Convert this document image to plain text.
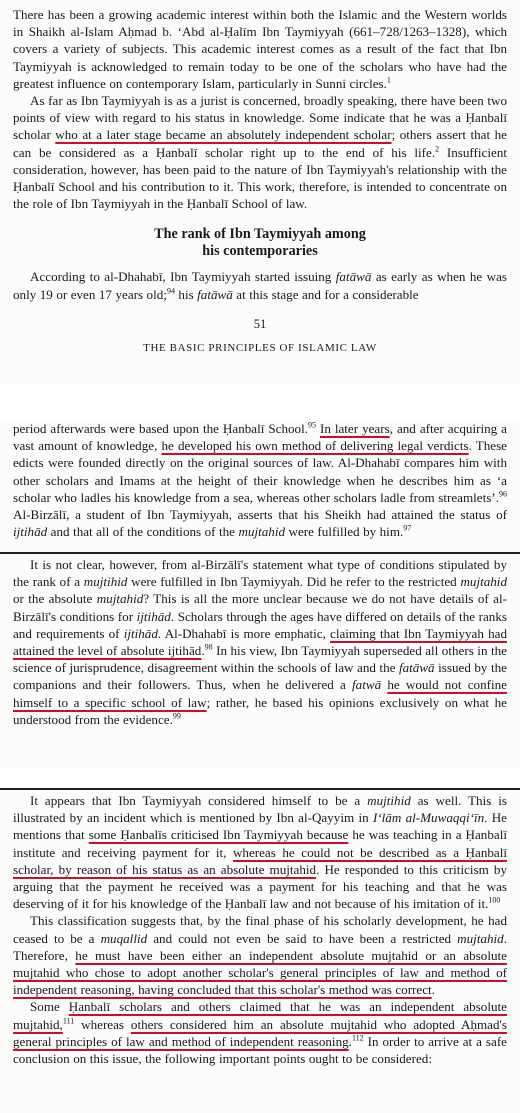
There has been a growing academic interest within both the Islamic and the Western worlds in Shaikh al-Islam Aḥmad b. ‘Abd al-Ḥalīm Ibn Taymiyyah (661–728/1263–1328), which covers a variety of subjects. This academic interest comes as a result of the fact that Ibn Taymiyyah is acknowledged to remain today to be one of the scholars who have had the greatest influence on contemporary Islam, particularly in Sunni circles.$^1$

As far as Ibn Taymiyyah is as a jurist is concerned, broadly speaking, there have been two points of view with regard to his status in knowledge. Some indicate that he was a Ḥanbalī scholar who at a later stage became an absolutely independent scholar; others assert that he can be considered as a Ḥanbalī scholar right up to the end of his life.$^2$ Insufficient consideration, however, has been paid to the nature of Ibn Taymiyyah's relationship with the Ḥanbalī School and his contribution to it. This work, therefore, is intended to concentrate on the role of Ibn Taymiyyah in the Ḥanbalī School of law.

The rank of Ibn Taymiyyah among
his contemporaries

According to al-Dhahabī, Ibn Taymiyyah started issuing fatāwā as early as when he was only 19 or even 17 years old;$^{94}$ his fatāwā at this stage and for a considerable

51
THE BASIC PRINCIPLES OF ISLAMIC LAW

period afterwards were based upon the Ḥanbalī School.$^{95}$ In later years, and after acquiring a vast amount of knowledge, he developed his own method of delivering legal verdicts. These edicts were founded directly on the original sources of law. Al-Dhahabī compares him with other scholars and Imams at the height of their knowledge when he describes him as ‘a scholar who ladles his knowledge from a sea, whereas other scholars ladle from streamlets’.$^{96}$ Al-Birzālī, a student of Ibn Taymiyyah, asserts that his Sheikh had attained the status of ijtihād and that all of the conditions of the mujtahid were fulfilled by him.$^{97}$

It is not clear, however, from al-Birzālī's statement what type of conditions stipulated by the rank of a mujtihid were fulfilled in Ibn Taymiyyah. Did he refer to the restricted mujtahid or the absolute mujtahid? This is all the more unclear because we do not have details of al-Birzālī's conditions for ijtihād. Scholars through the ages have differed on details of the ranks and requirements of ijtihād. Al-Dhahabī is more emphatic, claiming that Ibn Taymiyyah had attained the level of absolute ijtihād.$^{98}$ In his view, Ibn Taymiyyah superseded all others in the science of jurisprudence, disagreement within the schools of law and the fatāwā issued by the companions and their followers. Thus, when he delivered a fatwā he would not confine himself to a specific school of law; rather, he based his opinions exclusively on what he understood from the evidence.$^{99}$

It appears that Ibn Taymiyyah considered himself to be a mujtihid as well. This is illustrated by an incident which is mentioned by Ibn al-Qayyim in I‘lām al-Muwaqqi‘īn. He mentions that some Ḥanbalīs criticised Ibn Taymiyyah because he was teaching in a Ḥanbalī institute and receiving payment for it, whereas he could not be described as a Ḥanbalī scholar, by reason of his status as an absolute mujtahid. He responded to this criticism by arguing that the payment he received was a payment for his teaching and that he was deserving of it for his knowledge of the Ḥanbalī law and not because of his imitation of it.$^{100}$

This classification suggests that, by the final phase of his scholarly development, he had ceased to be a muqallid and could not even be said to have been a restricted mujtahid. Therefore, he must have been either an independent absolute mujtahid or an absolute mujtahid who chose to adopt another scholar's general principles of law and method of independent reasoning, having concluded that this scholar's method was correct.

Some Ḥanbalī scholars and others claimed that he was an independent absolute mujtahid,$^{111}$ whereas others considered him an absolute mujtahid who adopted Aḥmad's general principles of law and method of independent reasoning.$^{112}$ In order to arrive at a safe conclusion on this issue, the following important points ought to be considered:
